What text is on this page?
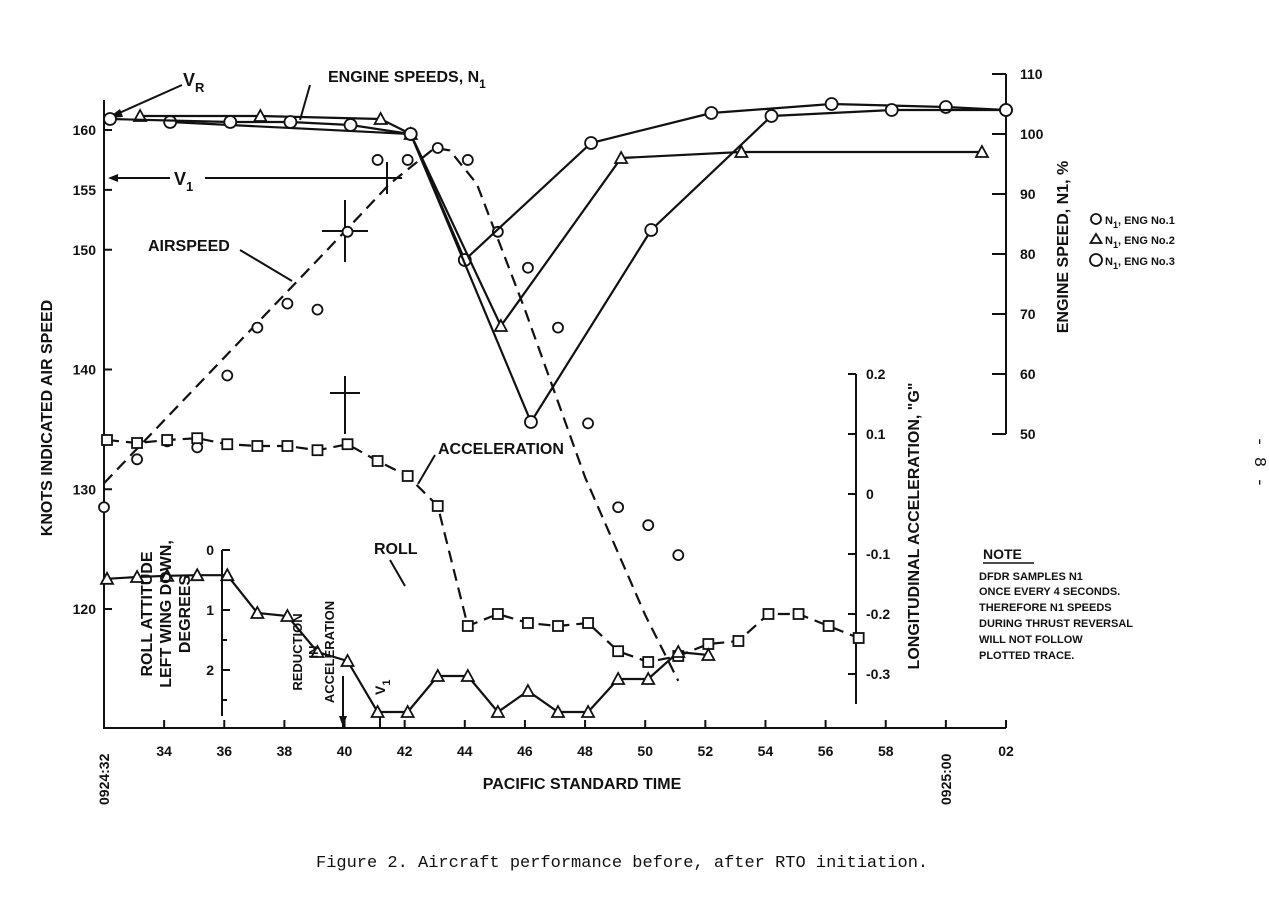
0924:32
34	36	38	40	42	44	46	48	50	52	54	56	58
0925:00
02
120
130
140
150
155
160
50
60
70
80
90
100
110
0.2
0.1
0
-0.1
-0.2
-0.3
0
1
2
$V_R$
$V_1$
ENGINE SPEEDS, $N_1$
AIRSPEED
ACCELERATION
ROLL
REDUCTION IN ACCELERATION	$V_1$
KNOTS INDICATED AIR SPEED
ENGINE SPEED, N1, %
LONGITUDINAL ACCELERATION, "G"
ROLL ATTITUDE LEFT WING DOWN, DEGREES
PACIFIC STANDARD TIME
$N_1$, ENG No.1
$N_1$, ENG No.2
$N_1$, ENG No.3
NOTE
DFDR SAMPLES N1
ONCE EVERY 4 SECONDS.
THEREFORE N1 SPEEDS
DURING THRUST REVERSAL
WILL NOT FOLLOW
PLOTTED TRACE.
- 8 -
Figure 2. Aircraft performance before, after RTO initiation.
